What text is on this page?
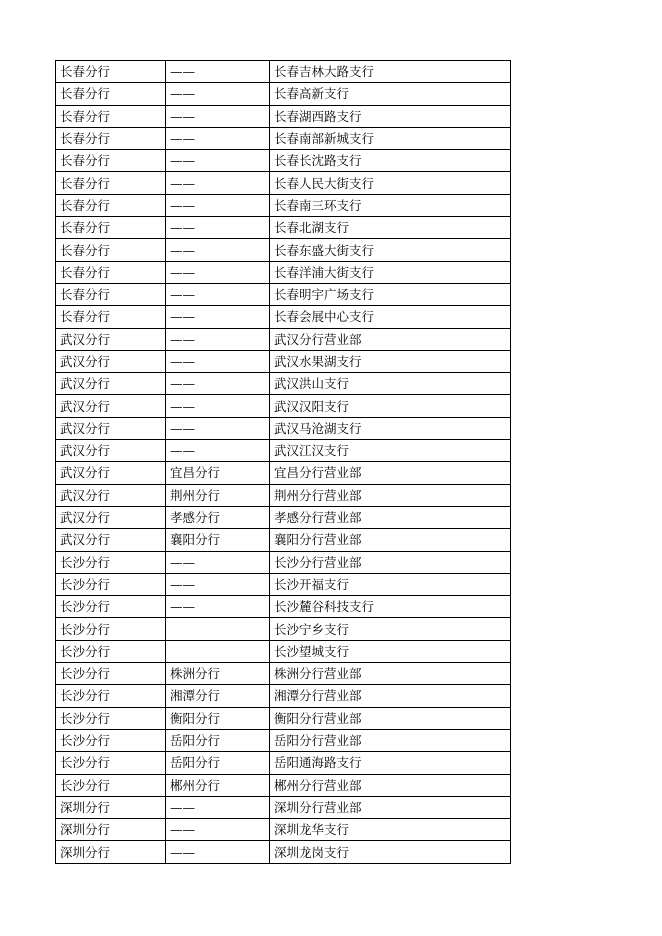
长春分行	——	长春吉林大路支行
长春分行	——	长春高新支行
长春分行	——	长春湖西路支行
长春分行	——	长春南部新城支行
长春分行	——	长春长沈路支行
长春分行	——	长春人民大街支行
长春分行	——	长春南三环支行
长春分行	——	长春北湖支行
长春分行	——	长春东盛大街支行
长春分行	——	长春洋浦大街支行
长春分行	——	长春明宇广场支行
长春分行	——	长春会展中心支行
武汉分行	——	武汉分行营业部
武汉分行	——	武汉水果湖支行
武汉分行	——	武汉洪山支行
武汉分行	——	武汉汉阳支行
武汉分行	——	武汉马沧湖支行
武汉分行	——	武汉江汉支行
武汉分行	宜昌分行	宜昌分行营业部
武汉分行	荆州分行	荆州分行营业部
武汉分行	孝感分行	孝感分行营业部
武汉分行	襄阳分行	襄阳分行营业部
长沙分行	——	长沙分行营业部
长沙分行	——	长沙开福支行
长沙分行	——	长沙麓谷科技支行
长沙分行		长沙宁乡支行
长沙分行		长沙望城支行
长沙分行	株洲分行	株洲分行营业部
长沙分行	湘潭分行	湘潭分行营业部
长沙分行	衡阳分行	衡阳分行营业部
长沙分行	岳阳分行	岳阳分行营业部
长沙分行	岳阳分行	岳阳通海路支行
长沙分行	郴州分行	郴州分行营业部
深圳分行	——	深圳分行营业部
深圳分行	——	深圳龙华支行
深圳分行	——	深圳龙岗支行
